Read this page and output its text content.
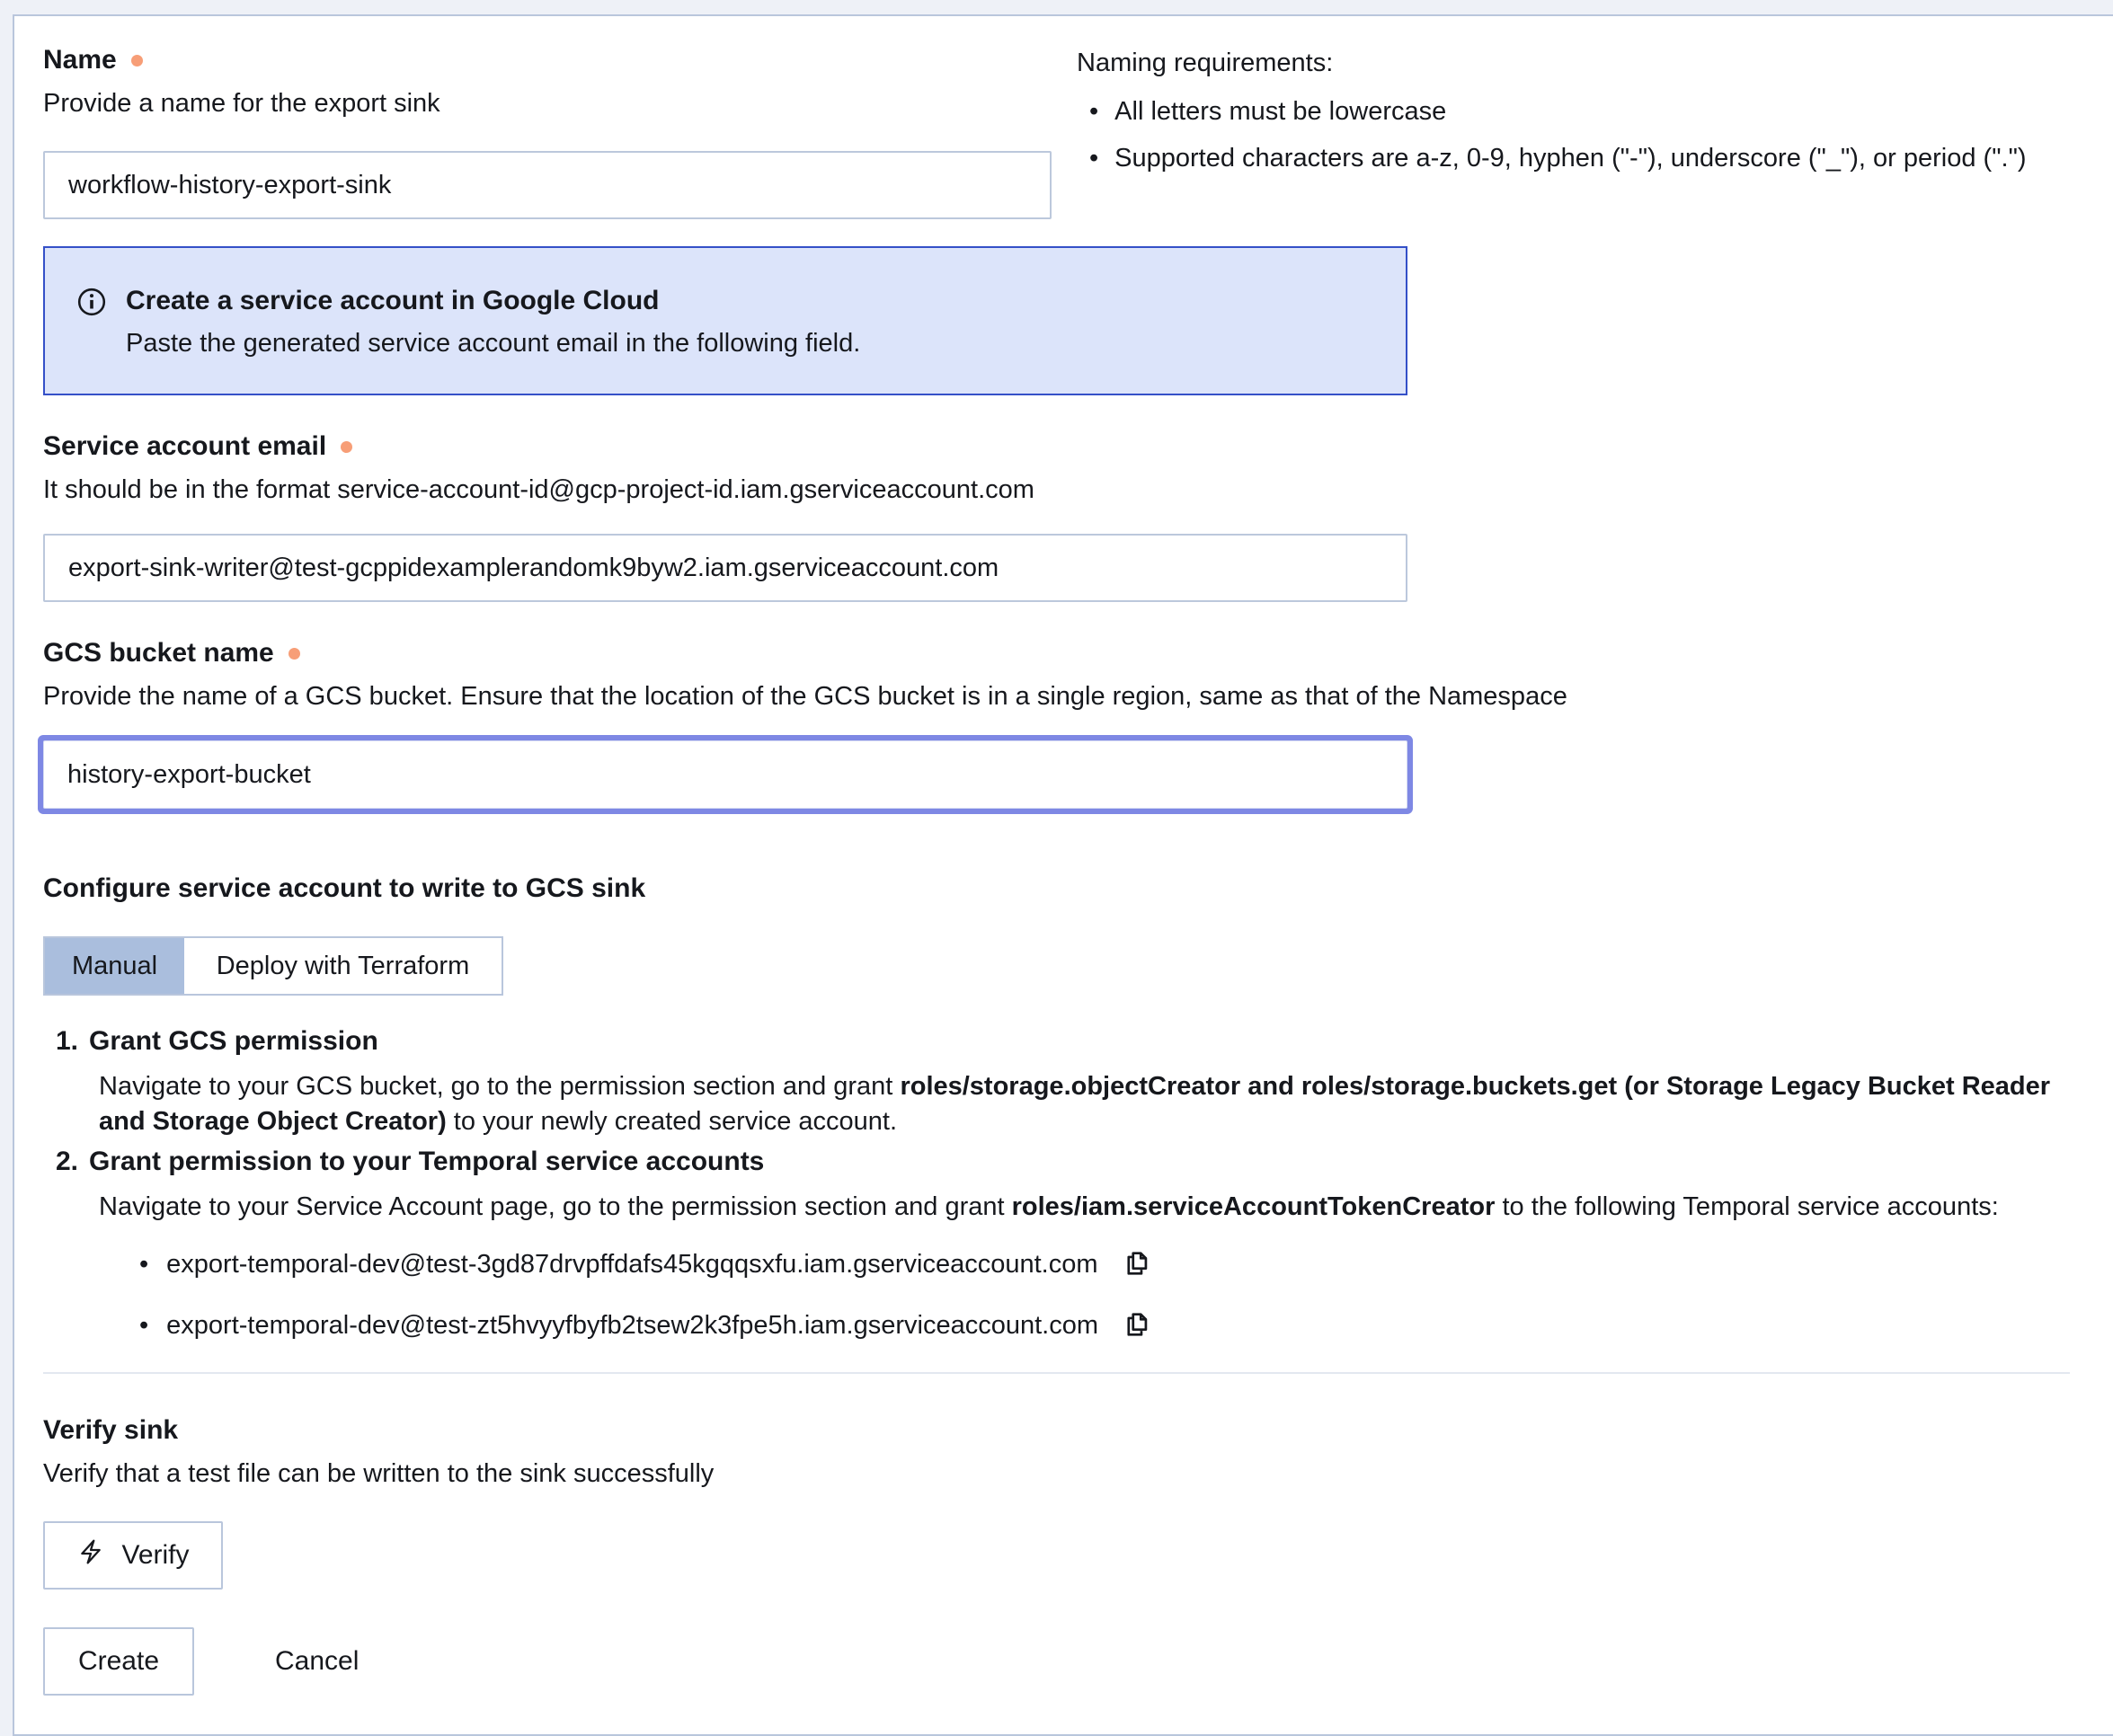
Name
Provide a name for the export sink
workflow-history-export-sink
Naming requirements:
• All letters must be lowercase
• Supported characters are a-z, 0-9, hyphen ("-"), underscore ("_"), or period (".")
Create a service account in Google Cloud
Paste the generated service account email in the following field.
Service account email
It should be in the format service-account-id@gcp-project-id.iam.gserviceaccount.com
export-sink-writer@test-gcppidexamplerandomk9byw2.iam.gserviceaccount.com
GCS bucket name
Provide the name of a GCS bucket. Ensure that the location of the GCS bucket is in a single region, same as that of the Namespace
history-export-bucket
Configure service account to write to GCS sink
Manual Deploy with Terraform
1. Grant GCS permission

Navigate to your GCS bucket, go to the permission section and grant roles/storage.objectCreator and roles/storage.buckets.get (or Storage Legacy Bucket Reader and Storage Object Creator) to your newly created service account.

2. Grant permission to your Temporal service accounts

Navigate to your Service Account page, go to the permission section and grant roles/iam.serviceAccountTokenCreator to the following Temporal service accounts:

• export-temporal-dev@test-3gd87drvpffdafs45kgqqsxfu.iam.gserviceaccount.com
• export-temporal-dev@test-zt5hvyyfbyfb2tsew2k3fpe5h.iam.gserviceaccount.com
Verify sink
Verify that a test file can be written to the sink successfully
Verify
Create	Cancel
